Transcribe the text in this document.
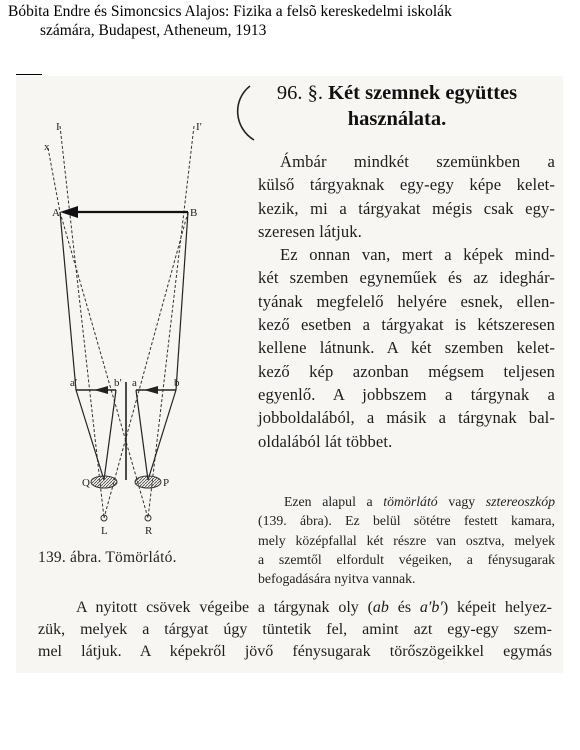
Bóbita Endre és Simoncsics Alajos: Fizika a felsõ kereskedelmi iskolák
számára, Budapest, Atheneum, 1913
I	I′
x
A	B
a′	b′ a	b
Q	P
L	R
139. ábra. Tömörlátó.
96. §. Két szemnek együttes
használata.
Ámbár mindkét szemünkben a
külső tárgyaknak egy-egy képe kelet-
kezik, mi a tárgyakat mégis csak egy-
szeresen látjuk.
Ez onnan van, mert a képek mind-
két szemben egyneműek és az ideghár-
tyának megfelelő helyére esnek, ellen-
kező esetben a tárgyakat is kétszeresen
kellene látnunk. A két szemben kelet-
kező kép azonban mégsem teljesen
egyenlő. A jobbszem a tárgynak a
jobboldalából, a másik a tárgynak bal-
oldalából lát többet.
Ezen alapul a tömörlátó vagy sztereoszkóp
(139. ábra). Ez belül sötétre festett kamara,
mely középfallal két részre van osztva, melyek
a szemtől elfordult végeiken, a fénysugarak
befogadására nyitva vannak.
A nyitott csövek végeibe a tárgynak oly (ab és a′b′) képeit helyez-
zük, melyek a tárgyat úgy tüntetik fel, amint azt egy-egy szem-
mel látjuk. A képekről jövő fénysugarak törőszögeikkel egymás
